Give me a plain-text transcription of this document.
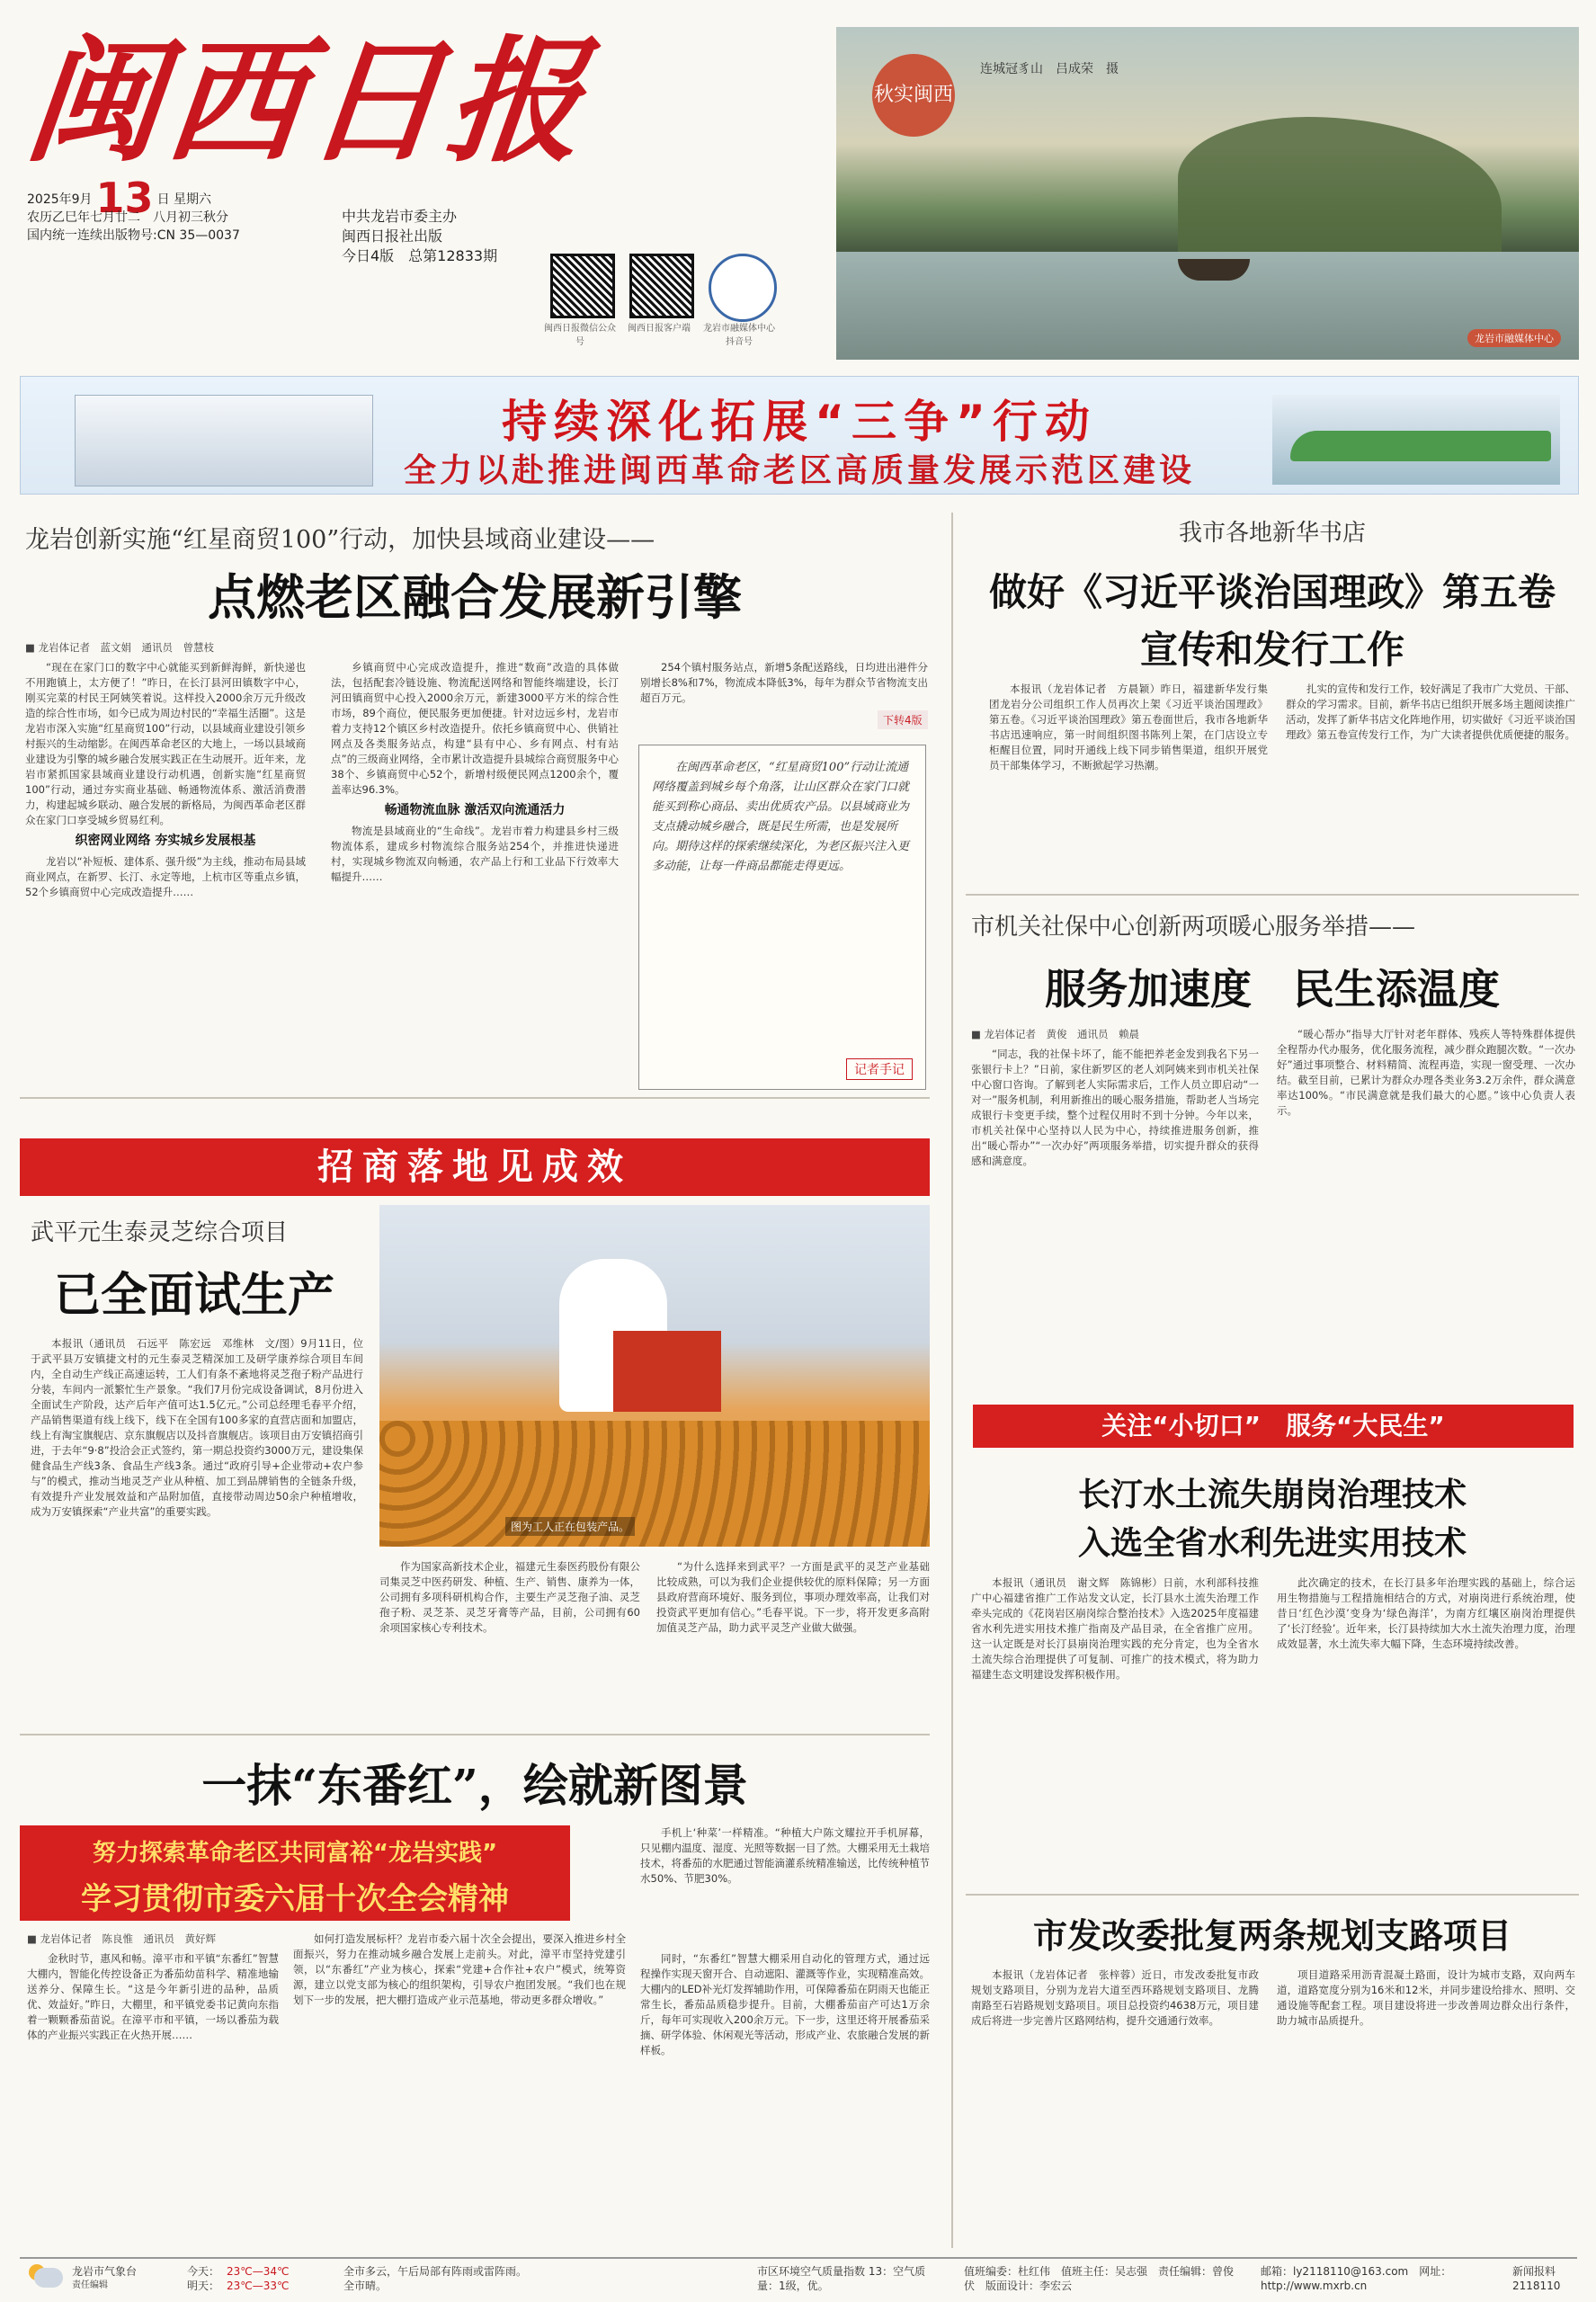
闽西日报
2025年9月13 日 星期六
农历乙巳年七月廿二　八月初三秋分
国内统一连续出版物号:CN 35—0037
中共龙岩市委主办
闽西日报社出版
今日4版　总第12833期
闽西日报微信公众号
闽西日报客户端	龙岩市融媒体中心抖音号
秋实闽西
连城冠豸山　吕成荣　摄
龙岩市融媒体中心
持续深化拓展“三争”行动
全力以赴推进闽西革命老区高质量发展示范区建设
龙岩创新实施“红星商贸100”行动，加快县域商业建设——
点燃老区融合发展新引擎
■ 龙岩体记者　蓝文娟　通讯员　曾慧枝

“现在在家门口的数字中心就能买到新鲜海鲜，新快递也不用跑镇上，太方便了！”昨日，在长汀县河田镇数字中心，刚买完菜的村民王阿姨笑着说。这样投入2000余万元升级改造的综合性市场，如今已成为周边村民的“幸福生活圈”。这是龙岩市深入实施“红星商贸100”行动，以县域商业建设引领乡村振兴的生动缩影。在闽西革命老区的大地上，一场以县域商业建设为引擎的城乡融合发展实践正在生动展开。近年来，龙岩市紧抓国家县域商业建设行动机遇，创新实施“红星商贸100”行动，通过夯实商业基础、畅通物流体系、激活消费潜力，构建起城乡联动、融合发展的新格局，为闽西革命老区群众在家门口享受城乡贸易红利。

织密网业网络 夯实城乡发展根基

龙岩以“补短板、建体系、强升级”为主线，推动布局县域商业网点，在新罗、长汀、永定等地，上杭市区等重点乡镇，52个乡镇商贸中心完成改造提升……

乡镇商贸中心完成改造提升，推进“数商”改造的具体做法，包括配套冷链设施、物流配送网络和智能终端建设，长汀河田镇商贸中心投入2000余万元，新建3000平方米的综合性市场，89个商位，便民服务更加便捷。针对边远乡村，龙岩市着力支持12个镇区乡村改造提升。依托乡镇商贸中心、供销社网点及各类服务站点，构建“县有中心、乡有网点、村有站点”的三级商业网络，全市累计改造提升县城综合商贸服务中心38个、乡镇商贸中心52个，新增村级便民网点1200余个，覆盖率达96.3%。

畅通物流血脉 激活双向流通活力

物流是县域商业的“生命线”。龙岩市着力构建县乡村三级物流体系，建成乡村物流综合服务站254个，并推进快递进村，实现城乡物流双向畅通，农产品上行和工业品下行效率大幅提升……

254个镇村服务站点，新增5条配送路线，日均进出港件分别增长8%和7%，物流成本降低3%，每年为群众节省物流支出超百万元。

下转4版
在闽西革命老区，“红星商贸100”行动让流通网络覆盖到城乡每个角落，让山区群众在家门口就能买到称心商品、卖出优质农产品。以县域商业为支点撬动城乡融合，既是民生所需，也是发展所向。期待这样的探索继续深化，为老区振兴注入更多动能，让每一件商品都能走得更远。
记者手记
招商落地见成效
武平元生泰灵芝综合项目
已全面试生产
图为工人正在包装产品。

本报讯（通讯员　石远平　陈宏远　邓维林　文/图）9月11日，位于武平县万安镇捷文村的元生泰灵芝精深加工及研学康养综合项目车间内，全自动生产线正高速运转，工人们有条不紊地将灵芝孢子粉产品进行分装，车间内一派繁忙生产景象。“我们7月份完成设备调试，8月份进入全面试生产阶段，达产后年产值可达1.5亿元。”公司总经理毛春平介绍，产品销售渠道有线上线下，线下在全国有100多家的直营店面和加盟店，线上有淘宝旗舰店、京东旗舰店以及抖音旗舰店。该项目由万安镇招商引进，于去年“9·8”投洽会正式签约，第一期总投资约3000万元，建设集保健食品生产线3条、食品生产线3条。通过“政府引导+企业带动+农户参与”的模式，推动当地灵芝产业从种植、加工到品牌销售的全链条升级，有效提升产业发展效益和产品附加值，直接带动周边50余户种植增收，成为万安镇探索“产业共富”的重要实践。

作为国家高新技术企业，福建元生泰医药股份有限公司集灵芝中医药研发、种植、生产、销售、康养为一体，公司拥有多项科研机构合作，主要生产灵芝孢子油、灵芝孢子粉、灵芝茶、灵芝牙膏等产品，目前，公司拥有60余项国家核心专利技术。

“为什么选择来到武平？一方面是武平的灵芝产业基础比较成熟，可以为我们企业提供较优的原料保障；另一方面县政府营商环境好、服务到位，事项办理效率高，让我们对投资武平更加有信心。”毛春平说。下一步，将开发更多高附加值灵芝产品，助力武平灵芝产业做大做强。

一抹“东番红”，绘就新图景
努力探索革命老区共同富裕“龙岩实践”
学习贯彻市委六届十次全会精神
■ 龙岩体记者　陈良惟　通讯员　黄好辉

金秋时节，惠风和畅。漳平市和平镇“东番红”智慧大棚内，智能化传控设备正为番茄幼苗科学、精准地输送养分、保障生长。“这是今年新引进的品种，品质优、效益好。”昨日，大棚里，和平镇党委书记黄向东指着一颗颗番茄苗说。在漳平市和平镇，一场以番茄为载体的产业振兴实践正在火热开展……

如何打造发展标杆？龙岩市委六届十次全会提出，要深入推进乡村全面振兴，努力在推动城乡融合发展上走前头。对此，漳平市坚持党建引领，以“东番红”产业为核心，探索“党建+合作社+农户”模式，统筹资源，建立以党支部为核心的组织架构，引导农户抱团发展。“我们也在规划下一步的发展，把大棚打造成产业示范基地，带动更多群众增收。”

手机上‘种菜’一样精准。“种植大户陈文耀拉开手机屏幕，只见棚内温度、湿度、光照等数据一目了然。大棚采用无土栽培技术，将番茄的水肥通过智能滴灌系统精准输送，比传统种植节水50%、节肥30%。

同时，“东番红”智慧大棚采用自动化的管理方式，通过远程操作实现天窗开合、自动遮阳、灌溉等作业，实现精准高效。大棚内的LED补光灯发挥辅助作用，可保障番茄在阴雨天也能正常生长，番茄品质稳步提升。目前，大棚番茄亩产可达1万余斤，每年可实现收入200余万元。下一步，这里还将开展番茄采摘、研学体验、休闲观光等活动，形成产业、农旅融合发展的新样板。

我市各地新华书店
做好《习近平谈治国理政》第五卷
宣传和发行工作

本报讯（龙岩体记者　方晨颖）昨日，福建新华发行集团龙岩分公司组织工作人员再次上架《习近平谈治国理政》第五卷。《习近平谈治国理政》第五卷面世后，我市各地新华书店迅速响应，第一时间组织图书陈列上架，在门店设立专柜醒目位置，同时开通线上线下同步销售渠道，组织开展党员干部集体学习，不断掀起学习热潮。

扎实的宣传和发行工作，较好满足了我市广大党员、干部、群众的学习需求。目前，新华书店已组织开展多场主题阅读推广活动，发挥了新华书店文化阵地作用，切实做好《习近平谈治国理政》第五卷宣传发行工作，为广大读者提供优质便捷的服务。

市机关社保中心创新两项暖心服务举措——
服务加速度　民生添温度
■ 龙岩体记者　黄俊　通讯员　赖晨

“同志，我的社保卡坏了，能不能把养老金发到我名下另一张银行卡上？”日前，家住新罗区的老人刘阿姨来到市机关社保中心窗口咨询。了解到老人实际需求后，工作人员立即启动“一对一”服务机制，利用新推出的暖心服务措施，帮助老人当场完成银行卡变更手续，整个过程仅用时不到十分钟。今年以来，市机关社保中心坚持以人民为中心，持续推进服务创新，推出“暖心帮办”“一次办好”两项服务举措，切实提升群众的获得感和满意度。

“暖心帮办”指导大厅针对老年群体、残疾人等特殊群体提供全程帮办代办服务，优化服务流程，减少群众跑腿次数。“一次办好”通过事项整合、材料精简、流程再造，实现一窗受理、一次办结。截至目前，已累计为群众办理各类业务3.2万余件，群众满意率达100%。“市民满意就是我们最大的心愿。”该中心负责人表示。

关注“小切口”　服务“大民生”
长汀水土流失崩岗治理技术
入选全省水利先进实用技术

本报讯（通讯员　谢文辉　陈锦彬）日前，水利部科技推广中心福建省推广工作站发文认定，长汀县水土流失治理工作牵头完成的《花岗岩区崩岗综合整治技术》入选2025年度福建省水利先进实用技术推广指南及产品目录，在全省推广应用。这一认定既是对长汀县崩岗治理实践的充分肯定，也为全省水土流失综合治理提供了可复制、可推广的技术模式，将为助力福建生态文明建设发挥积极作用。

此次确定的技术，在长汀县多年治理实践的基础上，综合运用生物措施与工程措施相结合的方式，对崩岗进行系统治理，使昔日‘红色沙漠’变身为‘绿色海洋’，为南方红壤区崩岗治理提供了‘长汀经验’。近年来，长汀县持续加大水土流失治理力度，治理成效显著，水土流失率大幅下降，生态环境持续改善。

市发改委批复两条规划支路项目

本报讯（龙岩体记者　张梓蓉）近日，市发改委批复市政规划支路项目，分别为龙岩大道至西环路规划支路项目、龙腾南路至石岩路规划支路项目。项目总投资约4638万元，项目建成后将进一步完善片区路网结构，提升交通通行效率。

项目道路采用沥青混凝土路面，设计为城市支路，双向两车道，道路宽度分别为16米和12米，并同步建设给排水、照明、交通设施等配套工程。项目建设将进一步改善周边群众出行条件，助力城市品质提升。

龙岩市气象台
责任编辑
今天： 23℃—34℃	全市多云，午后局部有阵雨或雷阵雨。
明天： 23℃—33℃	全市晴。
市区环境空气质量指数 13：空气质量：1级，优。
值班编委：杜红伟　值班主任：吴志强　责任编辑：曾俊伏　版面设计：李宏云
邮箱：ly2118110@163.com　网址：http://www.mxrb.cn
新闻报料 2118110
